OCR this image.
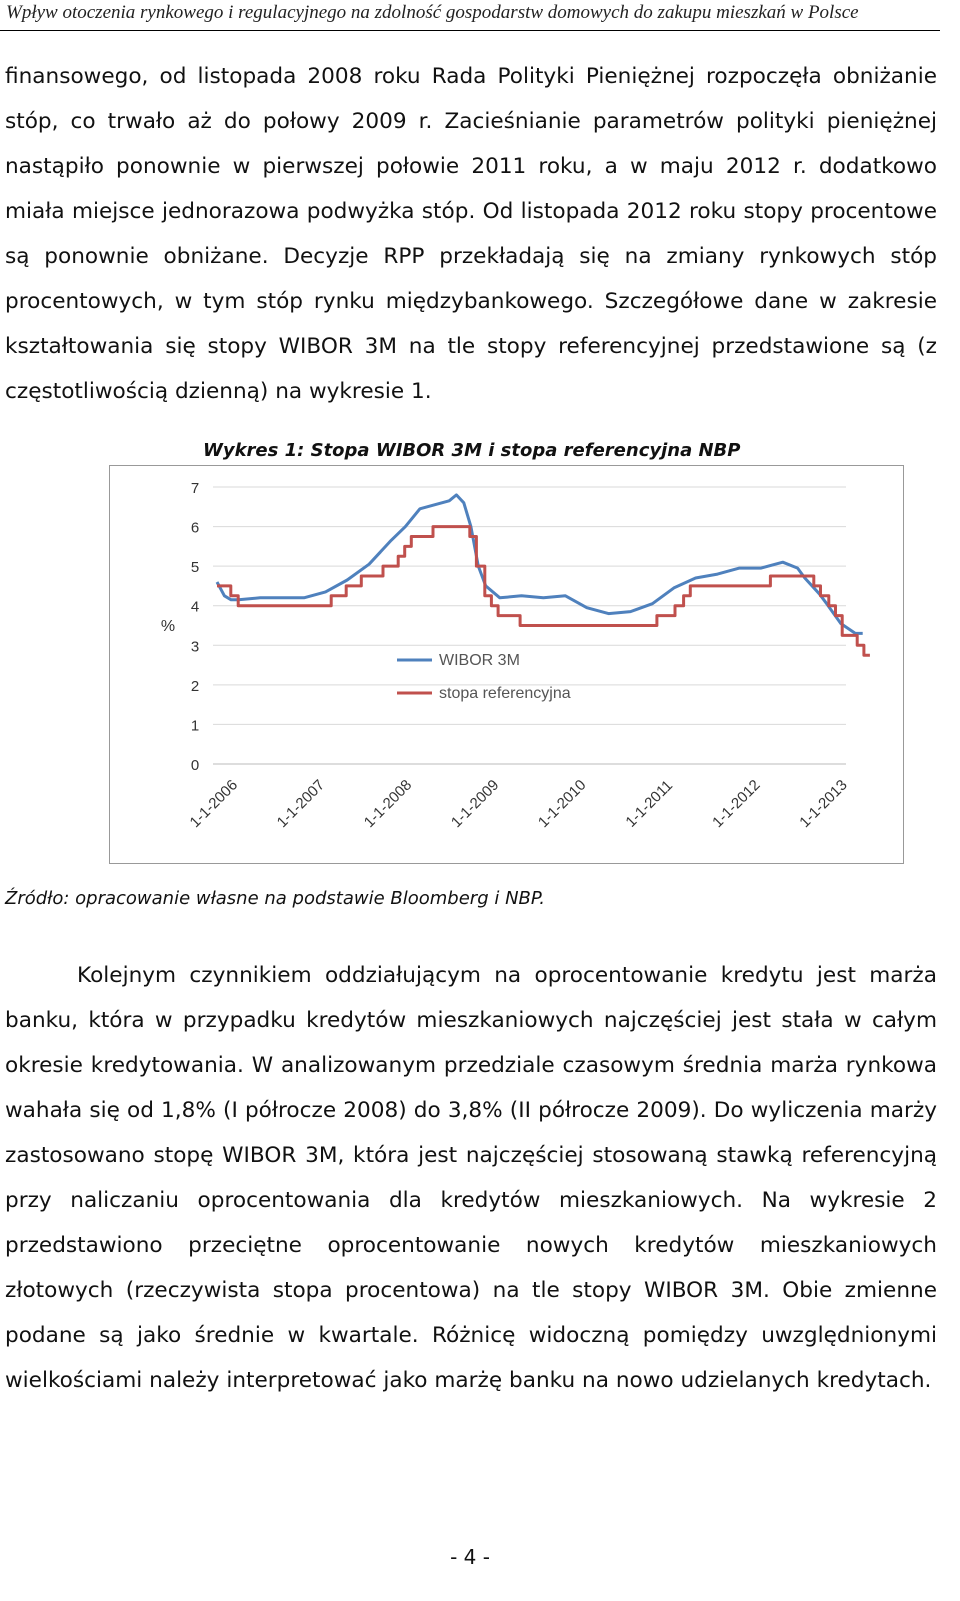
Wpływ otoczenia rynkowego i regulacyjnego na zdolność gospodarstw domowych do zakupu mieszkań w Polsce

finansowego, od listopada 2008 roku Rada Polityki Pieniężnej rozpoczęła obniżanie stóp, co trwało aż do połowy 2009 r. Zacieśnianie parametrów polityki pieniężnej nastąpiło ponownie w pierwszej połowie 2011 roku, a w maju 2012 r. dodatkowo miała miejsce jednorazowa podwyżka stóp. Od listopada 2012 roku stopy procentowe są ponownie obniżane. Decyzje RPP przekładają się na zmiany rynkowych stóp procentowych, w tym stóp rynku międzybankowego. Szczegółowe dane w zakresie kształtowania się stopy WIBOR 3M na tle stopy referencyjnej przedstawione są (z częstotliwością dzienną) na wykresie 1.

Wykres 1: Stopa WIBOR 3M i stopa referencyjna NBP
0
1
2
3
4
5
6
7
%
1-1-2006 1-1-2007 1-1-2008 1-1-2009 1-1-2010 1-1-2011 1-1-2012 1-1-2013
WIBOR 3M
stopa referencyjna
Źródło: opracowanie własne na podstawie Bloomberg i NBP.

Kolejnym czynnikiem oddziałującym na oprocentowanie kredytu jest marża banku, która w przypadku kredytów mieszkaniowych najczęściej jest stała w całym okresie kredytowania. W analizowanym przedziale czasowym średnia marża rynkowa wahała się od 1,8% (I półrocze 2008) do 3,8% (II półrocze 2009). Do wyliczenia marży zastosowano stopę WIBOR 3M, która jest najczęściej stosowaną stawką referencyjną przy naliczaniu oprocentowania dla kredytów mieszkaniowych. Na wykresie 2 przedstawiono przeciętne oprocentowanie nowych kredytów mieszkaniowych złotowych (rzeczywista stopa procentowa) na tle stopy WIBOR 3M. Obie zmienne podane są jako średnie w kwartale. Różnicę widoczną pomiędzy uwzględnionymi wielkościami należy interpretować jako marżę banku na nowo udzielanych kredytach.

- 4 -
